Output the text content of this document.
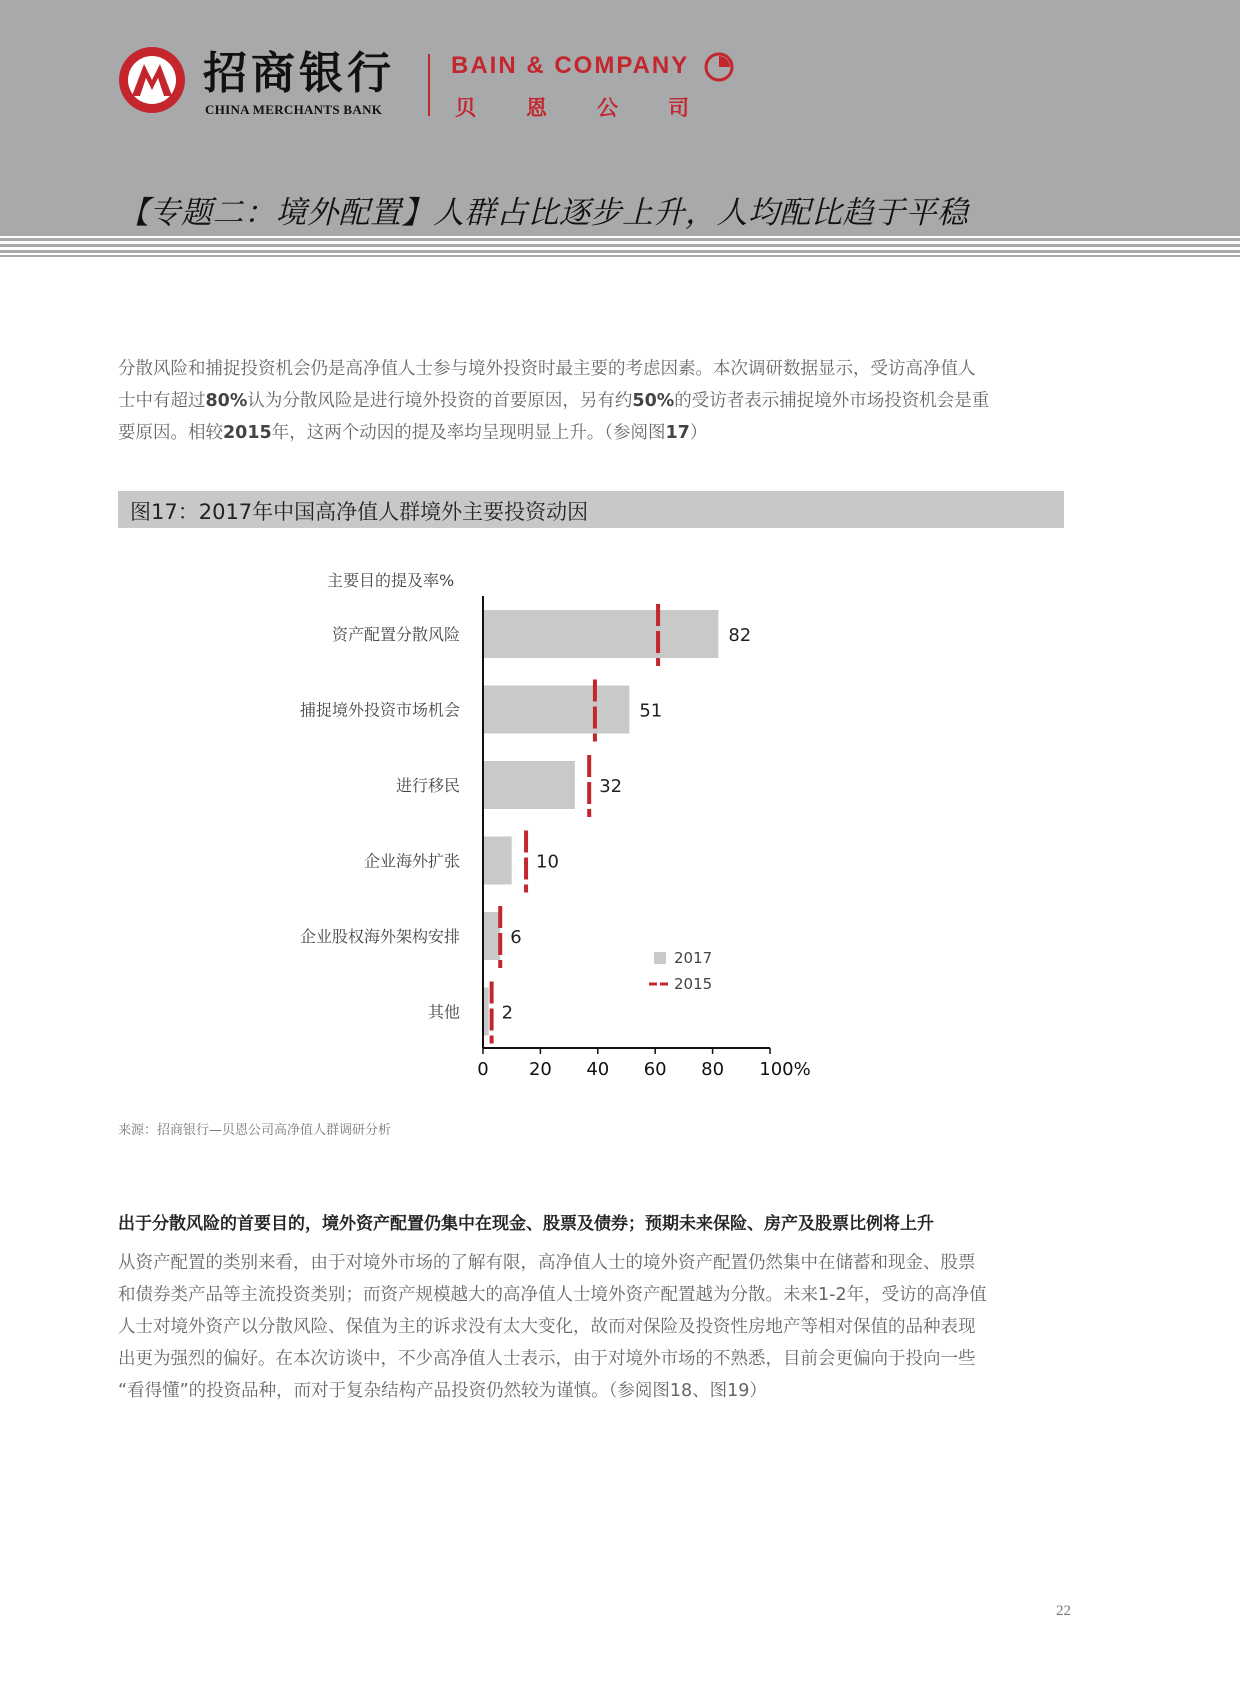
招商银行
CHINA MERCHANTS BANK
BAIN & COMPANY
贝恩公司
【专题二：境外配置】人群占比逐步上升，人均配比趋于平稳
分散风险和捕捉投资机会仍是高净值人士参与境外投资时最主要的考虑因素。本次调研数据显示，受访高净值人
士中有超过80%认为分散风险是进行境外投资的首要原因，另有约50%的受访者表示捕捉境外市场投资机会是重
要原因。相较2015年，这两个动因的提及率均呈现明显上升。（参阅图17）
图17：2017年中国高净值人群境外主要投资动因
主要目的提及率%
资产配置分散风险	82
捕捉境外投资市场机会	51
进行移民	32
企业海外扩张	10
企业股权海外架构安排	6
其他 2
0 20 40 60 80 100%
2017
2015
来源：招商银行—贝恩公司高净值人群调研分析
出于分散风险的首要目的，境外资产配置仍集中在现金、股票及债券；预期未来保险、房产及股票比例将上升
从资产配置的类别来看，由于对境外市场的了解有限，高净值人士的境外资产配置仍然集中在储蓄和现金、股票
和债券类产品等主流投资类别；而资产规模越大的高净值人士境外资产配置越为分散。未来1-2年，受访的高净值
人士对境外资产以分散风险、保值为主的诉求没有太大变化，故而对保险及投资性房地产等相对保值的品种表现
出更为强烈的偏好。在本次访谈中，不少高净值人士表示，由于对境外市场的不熟悉，目前会更偏向于投向一些
“看得懂”的投资品种，而对于复杂结构产品投资仍然较为谨慎。（参阅图18、图19）
22
